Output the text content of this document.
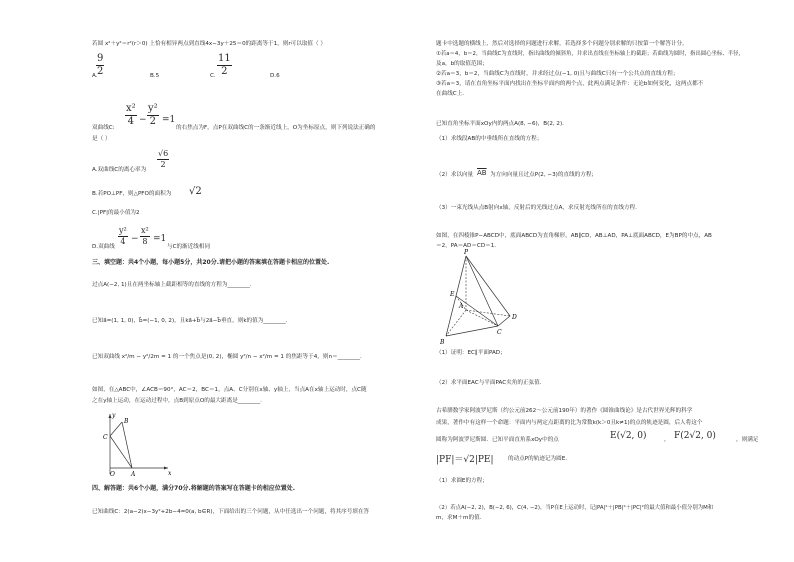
若圆 x²＋y²＝r²(r＞0) 上恰有相异两点到直线4x−3y＋25＝0的距离等于1，则r可以取值（ ）
A.
9
2	B.5	C.
11
2	D.6
双曲线C:
x²
4 −
y²
2 =1
的右焦点为F，点P在双曲线C的一条渐近线上，O为坐标原点，则下列说法正确的
是（ ）
√6
2
A.双曲线C的离心率为
B.若PO⊥PF，则△PFO的面积为 √2
C.|PF|的最小值为2
D.双曲线
y²
4 −
x²
8 =1
与C的渐近线相同
三、填空题：共4个小题，每小题5分，共20分.请把小题的答案填在答题卡相应的位置处.
过点A(−2, 1)且在两坐标轴上截距相等的直线的方程为________.
已知a⃗=(1, 1, 0)，b⃗=(−1, 0, 2)，且ka⃗+b⃗与2a⃗−b⃗垂直，则k的值为________.
已知双曲线 x²/m − y²/2m = 1 的一个焦点是(0, 2)，椭圆 y²/n − x²/m = 1 的焦距等于4，则n＝________.
如图，在△ABC中，∠ACB＝90°，AC＝2，BC＝1，点A、C分别在x轴、y轴上，当点A在x轴上运动时，点C随
之在y轴上运动，在运动过程中，点B到原点O的最大距离是________.
B
C
O	A	x
y
四、解答题：共6个小题，满分70分.将解题的答案写在答题卡的相应位置处.
已知曲线C：2(a−2)x−3y²+2b−4=0(a, b∈R)，下面给出的三个问题，从中任选出一个问题，将其序号填在答
题卡中选题的横线上，然后对选择的问题进行求解，若选择多个问题分别求解的只按第一个解答计分。
①若a＝4，b＝2，当曲线C为直线时，指出曲线的倾斜角，并求出直线在坐标轴上的截距；若曲线为圆时，指出圆心坐标、半径，
及a，b的取值范围；
②若a＝3，b＝2，当曲线C为直线时，并求经过点(−1, 0)且与曲线C只有一个公共点的直线方程；
③若a＝3，请在直角坐标平面内找出在坐标平面内的两个点，此两点满足条件：无论b如何变化，这两点都不
在曲线C上．
已知直角坐标平面xOy内的两点A(8, −6)，B(2, 2).
（1）求线段AB的中垂线所在直线的方程；
（2）求以向量 $\overline{AB}$ 为方向向量且过点P(2, −3)的直线的方程；
（3）一束光线从点B射向x轴，反射后的光线过点A，求反射光线所在的直线方程.
如图，在四棱锥P−ABCD中，底面ABCD为直角梯形，AB∥CD，AB⊥AD，PA⊥底面ABCD，E为BP的中点，AB
＝2，PA＝AD＝CD＝1.
P
E
A
B
C
D
（1）证明：EC∥平面PAD；
（2）求平面EAC与平面PAC夹角的正弦值.
古希腊数学家阿波罗尼斯（约公元前262～公元前190年）的著作《圆锥曲线论》是古代世界光辉的科学
成果，著作中有这样一个命题：平面内与两定点距离的比为常数k(k＞0且k≠1)的点的轨迹是圆，后人将这个
圆称为阿波罗尼斯圆．已知平面直角系xOy中的点	E(√2, 0)	， F(2√2, 0)	，则满足
|PF|＝√2|PE|	的动点P的轨迹记为圆E.
（1）求圆E的方程；
（2）若点A(−2, 2)，B(−2, 6)，C(4, −2)，当P在E上运动时，记|PA|²＋|PB|²＋|PC|²的最大值和最小值分别为M和
m，求M＋m的值.
